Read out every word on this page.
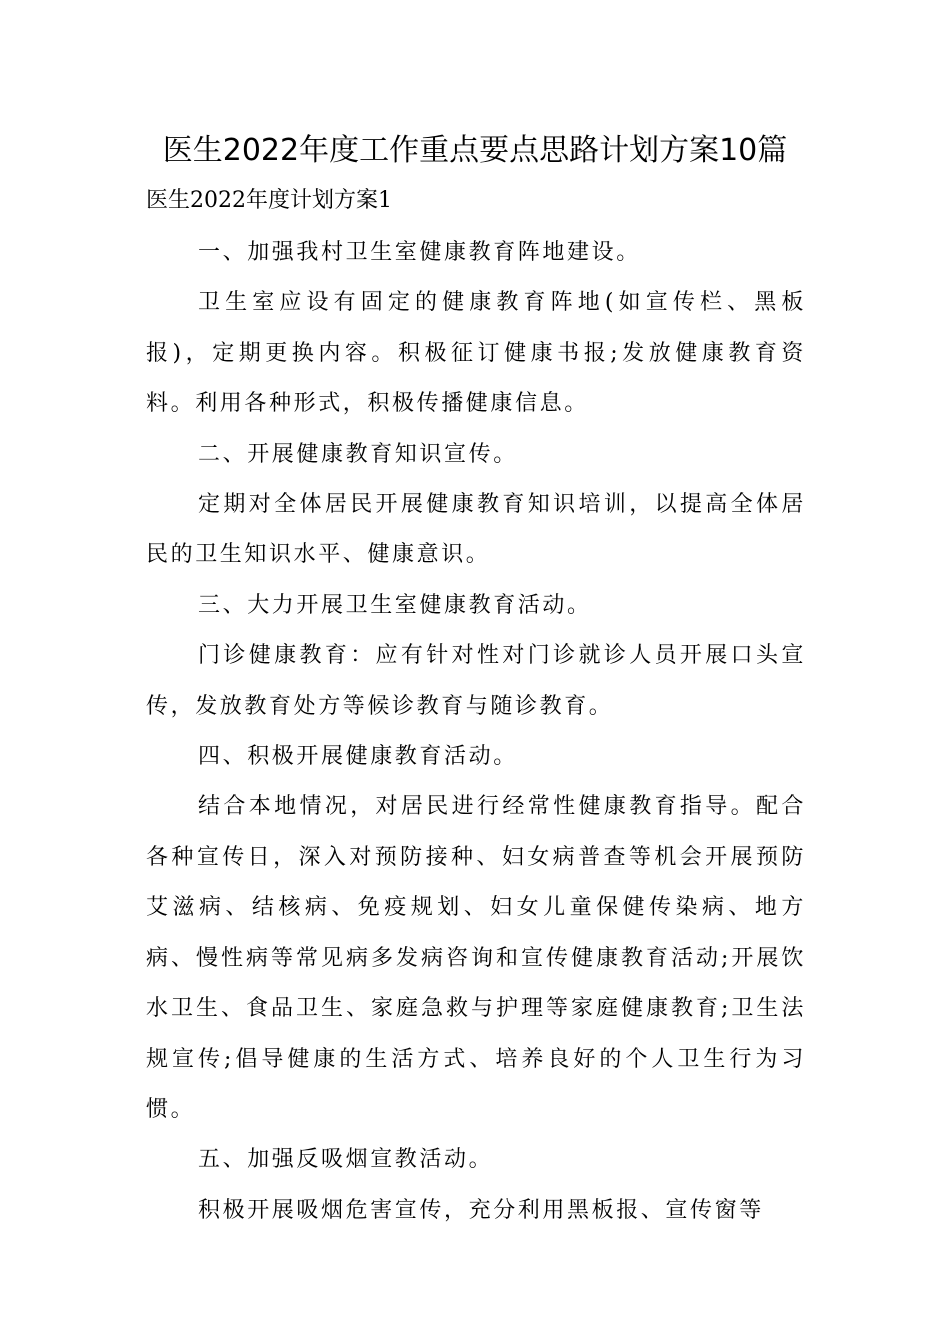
医生2022年度工作重点要点思路计划方案10篇
医生2022年度计划方案1

一、加强我村卫生室健康教育阵地建设。

卫生室应设有固定的健康教育阵地(如宣传栏、黑板报)，定期更换内容。积极征订健康书报;发放健康教育资料。利用各种形式，积极传播健康信息。

二、开展健康教育知识宣传。

定期对全体居民开展健康教育知识培训，以提高全体居民的卫生知识水平、健康意识。

三、大力开展卫生室健康教育活动。

门诊健康教育：应有针对性对门诊就诊人员开展口头宣传，发放教育处方等候诊教育与随诊教育。

四、积极开展健康教育活动。

结合本地情况，对居民进行经常性健康教育指导。配合各种宣传日，深入对预防接种、妇女病普查等机会开展预防艾滋病、结核病、免疫规划、妇女儿童保健传染病、地方病、慢性病等常见病多发病咨询和宣传健康教育活动;开展饮水卫生、食品卫生、家庭急救与护理等家庭健康教育;卫生法规宣传;倡导健康的生活方式、培养良好的个人卫生行为习惯。

五、加强反吸烟宣教活动。

积极开展吸烟危害宣传，充分利用黑板报、宣传窗等
